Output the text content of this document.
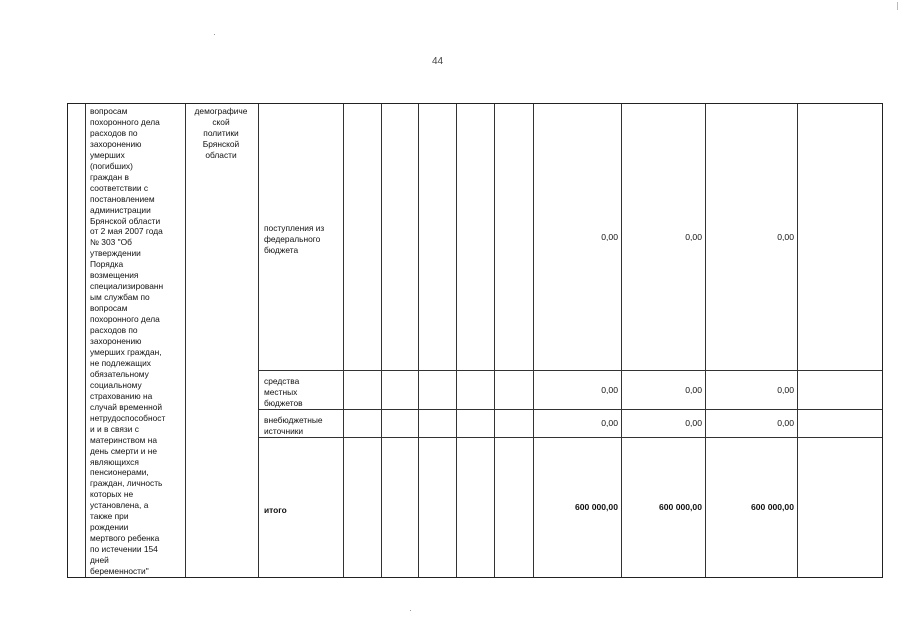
44
вопросам
похоронного дела
расходов по
захоронению
умерших
(погибших)
граждан в
соответствии с
постановлением
администрации
Брянской области
от 2 мая 2007 года
№ 303 "Об
утверждении
Порядка
возмещения
специализированн
ым службам по
вопросам
похоронного дела
расходов по
захоронению
умерших граждан,
не подлежащих
обязательному
социальному
страхованию на
случай временной
нетрудоспособност
и и в связи с
материнством на
день смерти и не
являющихся
пенсионерами,
граждан, личность
которых не
установлена, а
также при
рождении
мертвого ребенка
по истечении 154
дней
беременности"
демографиче
ской
политики
Брянской
области
поступления из
федерального
бюджета
0,00	0,00	0,00
средства
местных
бюджетов
0,00	0,00	0,00
внебюджетные
источники
0,00	0,00	0,00
итого	600 000,00	600 000,00	600 000,00
